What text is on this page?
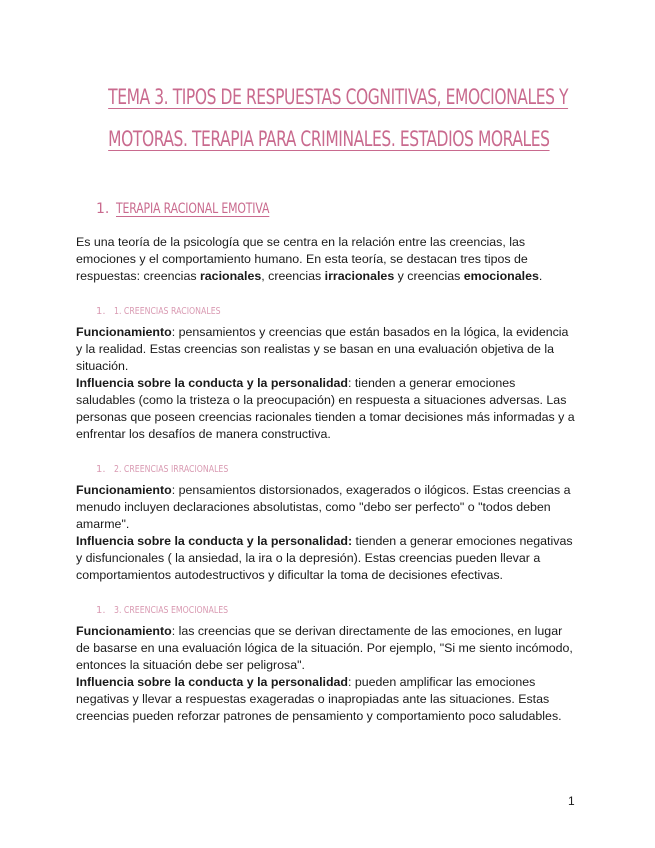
TEMA 3. TIPOS DE RESPUESTAS COGNITIVAS, EMOCIONALES Y
MOTORAS. TERAPIA PARA CRIMINALES. ESTADIOS MORALES
1. TERAPIA RACIONAL EMOTIVA
Es una teoría de la psicología que se centra en la relación entre las creencias, las emociones y el comportamiento humano. En esta teoría, se destacan tres tipos de respuestas: creencias racionales, creencias irracionales y creencias emocionales.
1. 1. CREENCIAS RACIONALES
Funcionamiento: pensamientos y creencias que están basados en la lógica, la evidencia y la realidad. Estas creencias son realistas y se basan en una evaluación objetiva de la situación.
Influencia sobre la conducta y la personalidad: tienden a generar emociones saludables (como la tristeza o la preocupación) en respuesta a situaciones adversas. Las personas que poseen creencias racionales tienden a tomar decisiones más informadas y a enfrentar los desafíos de manera constructiva.
1. 2. CREENCIAS IRRACIONALES
Funcionamiento: pensamientos distorsionados, exagerados o ilógicos. Estas creencias a menudo incluyen declaraciones absolutistas, como "debo ser perfecto" o "todos deben amarme".
Influencia sobre la conducta y la personalidad: tienden a generar emociones negativas y disfuncionales ( la ansiedad, la ira o la depresión). Estas creencias pueden llevar a comportamientos autodestructivos y dificultar la toma de decisiones efectivas.
1. 3. CREENCIAS EMOCIONALES
Funcionamiento: las creencias que se derivan directamente de las emociones, en lugar de basarse en una evaluación lógica de la situación. Por ejemplo, "Si me siento incómodo, entonces la situación debe ser peligrosa".
Influencia sobre la conducta y la personalidad: pueden amplificar las emociones negativas y llevar a respuestas exageradas o inapropiadas ante las situaciones. Estas creencias pueden reforzar patrones de pensamiento y comportamiento poco saludables.
1
